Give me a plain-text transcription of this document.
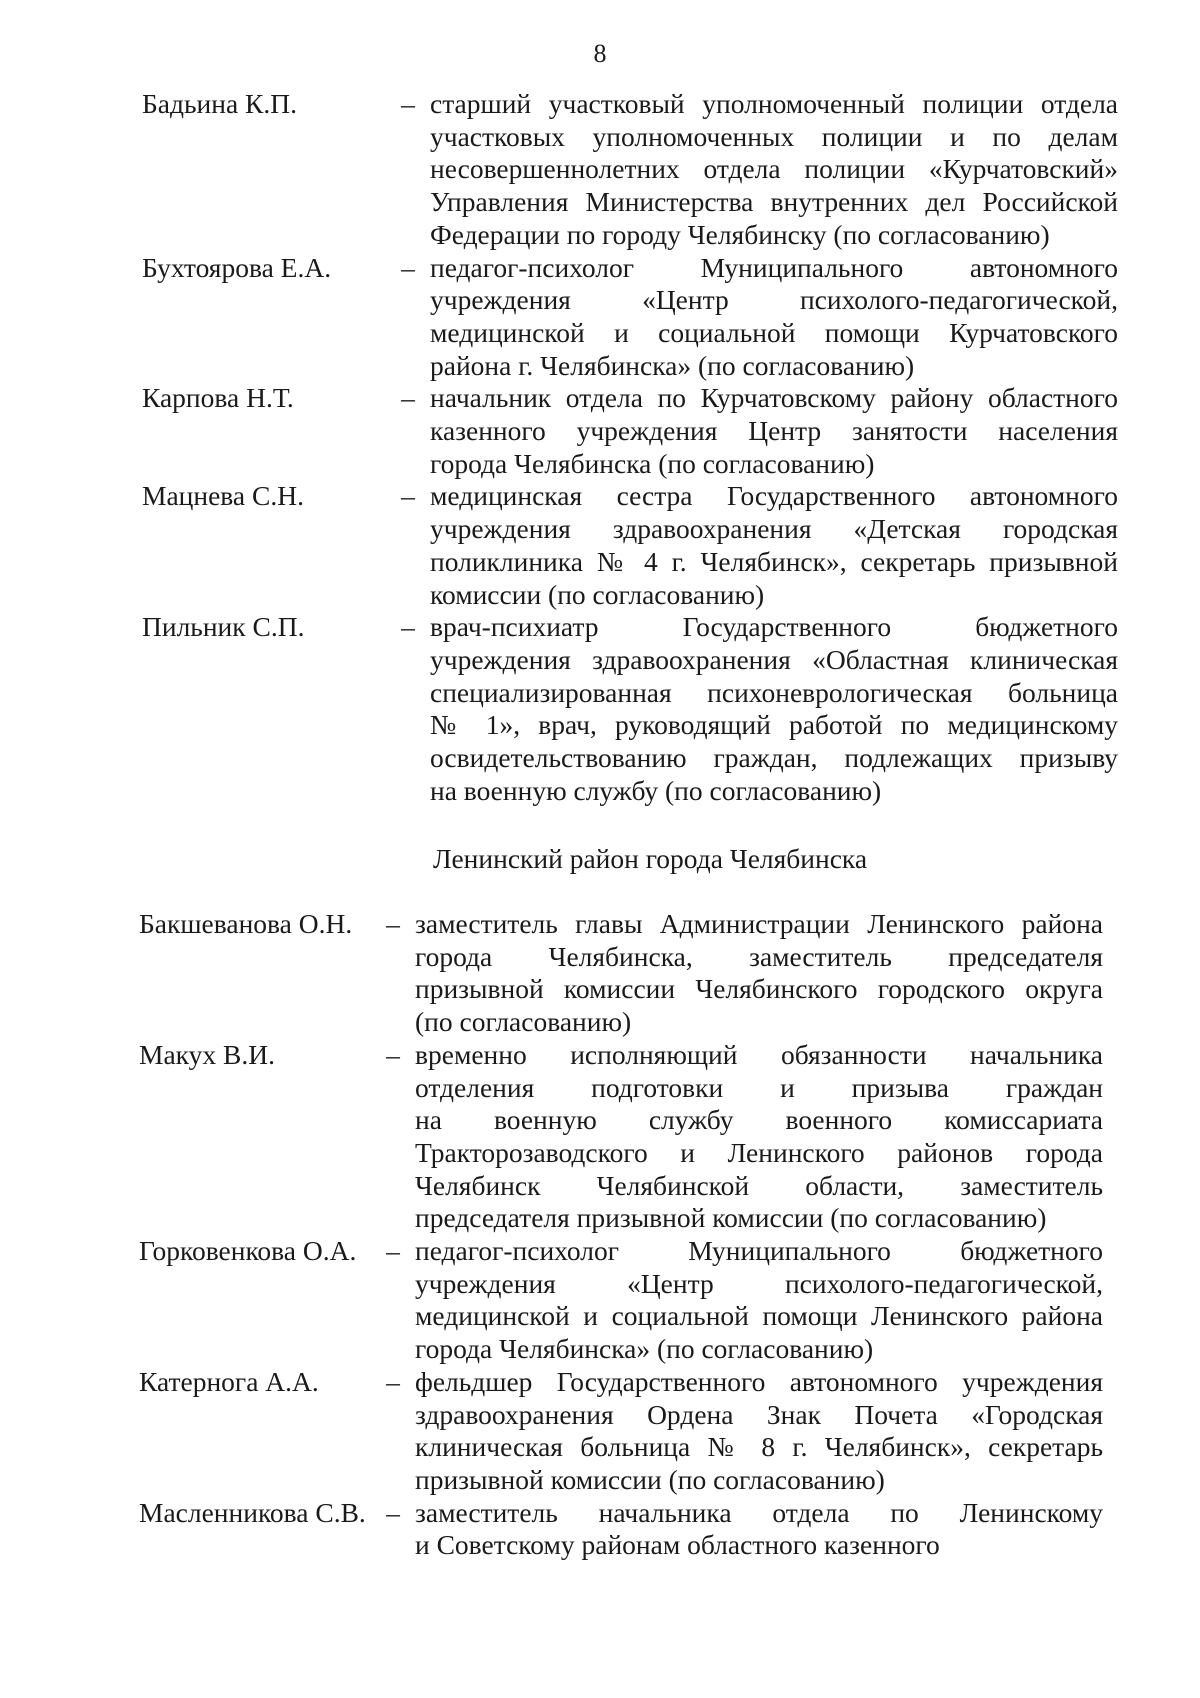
8
Бадьина К.П.	– старший участковый уполномоченный полиции отдела
участковых уполномоченных полиции и по делам
несовершеннолетних отдела полиции «Курчатовский»
Управления Министерства внутренних дел Российской
Федерации по городу Челябинску (по согласованию)
Бухтоярова Е.А.	– педагог-психолог Муниципального автономного
учреждения «Центр психолого-педагогической,
медицинской и социальной помощи Курчатовского
района г. Челябинска» (по согласованию)
Карпова Н.Т.	– начальник отдела по Курчатовскому району областного
казенного учреждения Центр занятости населения
города Челябинска (по согласованию)
Мацнева С.Н.	– медицинская сестра Государственного автономного
учреждения здравоохранения «Детская городская
поликлиника № 4 г. Челябинск», секретарь призывной
комиссии (по согласованию)
Пильник С.П.	– врач-психиатр Государственного бюджетного
учреждения здравоохранения «Областная клиническая
специализированная психоневрологическая больница
№ 1», врач, руководящий работой по медицинскому
освидетельствованию граждан, подлежащих призыву
на военную службу (по согласованию)
Ленинский район города Челябинска
Бакшеванова О.Н.	– заместитель главы Администрации Ленинского района
города Челябинска, заместитель председателя
призывной комиссии Челябинского городского округа
(по согласованию)
Макух В.И.	– временно исполняющий обязанности начальника
отделения подготовки и призыва граждан
на военную службу военного комиссариата
Тракторозаводского и Ленинского районов города
Челябинск Челябинской области, заместитель
председателя призывной комиссии (по согласованию)
Горковенкова О.А.	– педагог-психолог Муниципального бюджетного
учреждения «Центр психолого-педагогической,
медицинской и социальной помощи Ленинского района
города Челябинска» (по согласованию)
Катернога А.А.	– фельдшер Государственного автономного учреждения
здравоохранения Ордена Знак Почета «Городская
клиническая больница № 8 г. Челябинск», секретарь
призывной комиссии (по согласованию)
Масленникова С.В. – заместитель начальника отдела по Ленинскому
и Советскому районам областного казенного
